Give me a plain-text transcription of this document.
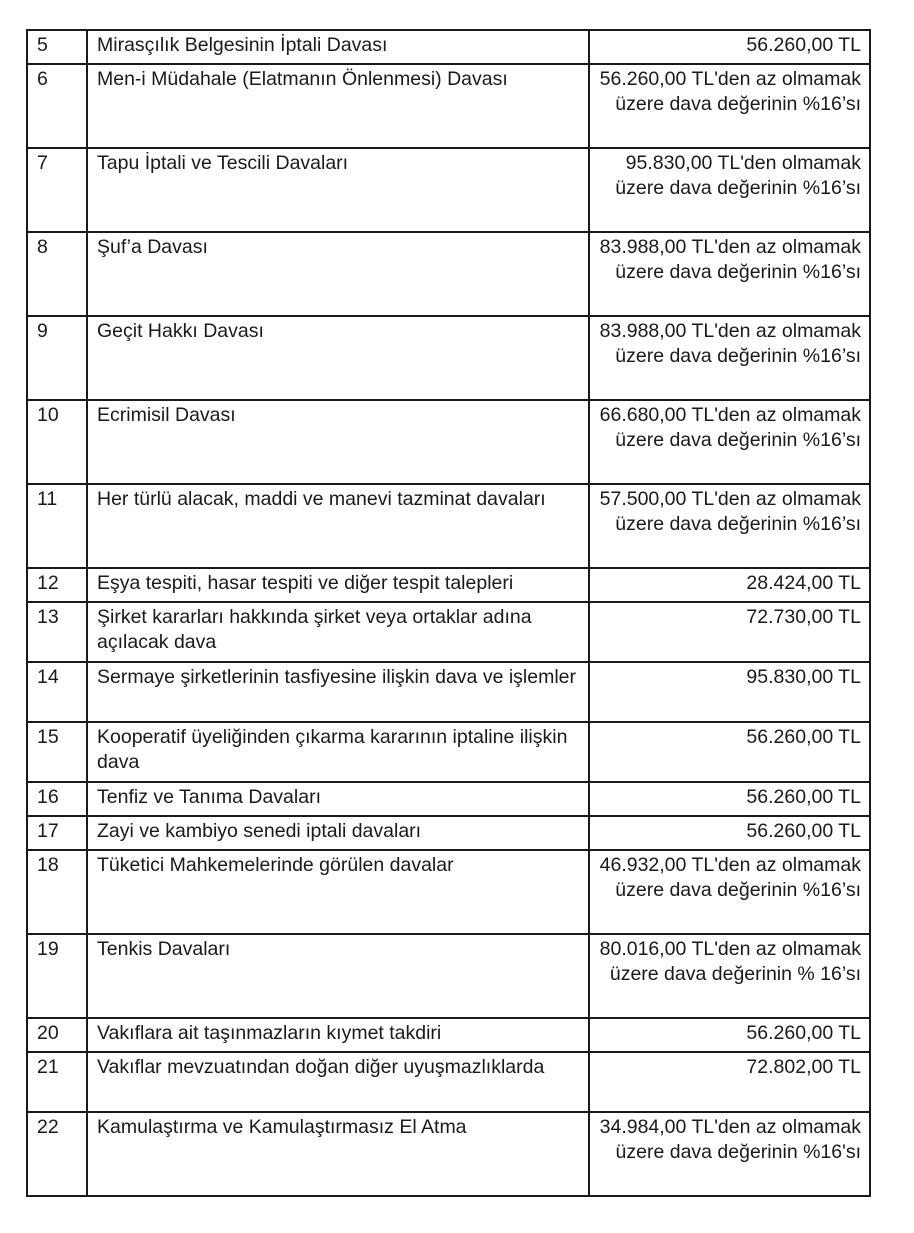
5	Mirasçılık Belgesinin İptali Davası	56.260,00 TL
6	Men-i Müdahale (Elatmanın Önlenmesi) Davası	56.260,00 TL'den az olmamak üzere dava değerinin %16’sı
7	Tapu İptali ve Tescili Davaları	95.830,00 TL'den olmamak üzere dava değerinin %16’sı
8	Şuf’a Davası	83.988,00 TL'den az olmamak üzere dava değerinin %16’sı
9	Geçit Hakkı Davası	83.988,00 TL'den az olmamak üzere dava değerinin %16’sı
10	Ecrimisil Davası	66.680,00 TL'den az olmamak üzere dava değerinin %16’sı
11	Her türlü alacak, maddi ve manevi tazminat davaları	57.500,00 TL'den az olmamak üzere dava değerinin %16’sı
12	Eşya tespiti, hasar tespiti ve diğer tespit talepleri	28.424,00 TL
13	Şirket kararları hakkında şirket veya ortaklar adına açılacak dava	72.730,00 TL
14	Sermaye şirketlerinin tasfiyesine ilişkin dava ve işlemler	95.830,00 TL
15	Kooperatif üyeliğinden çıkarma kararının iptaline ilişkin dava	56.260,00 TL
16	Tenfiz ve Tanıma Davaları	56.260,00 TL
17	Zayi ve kambiyo senedi iptali davaları	56.260,00 TL
18	Tüketici Mahkemelerinde görülen davalar	46.932,00 TL'den az olmamak üzere dava değerinin %16’sı
19	Tenkis Davaları	80.016,00 TL'den az olmamak üzere dava değerinin % 16’sı
20	Vakıflara ait taşınmazların kıymet takdiri	56.260,00 TL
21	Vakıflar mevzuatından doğan diğer uyuşmazlıklarda	72.802,00 TL
22	Kamulaştırma ve Kamulaştırmasız El Atma	34.984,00 TL'den az olmamak üzere dava değerinin %16'sı
